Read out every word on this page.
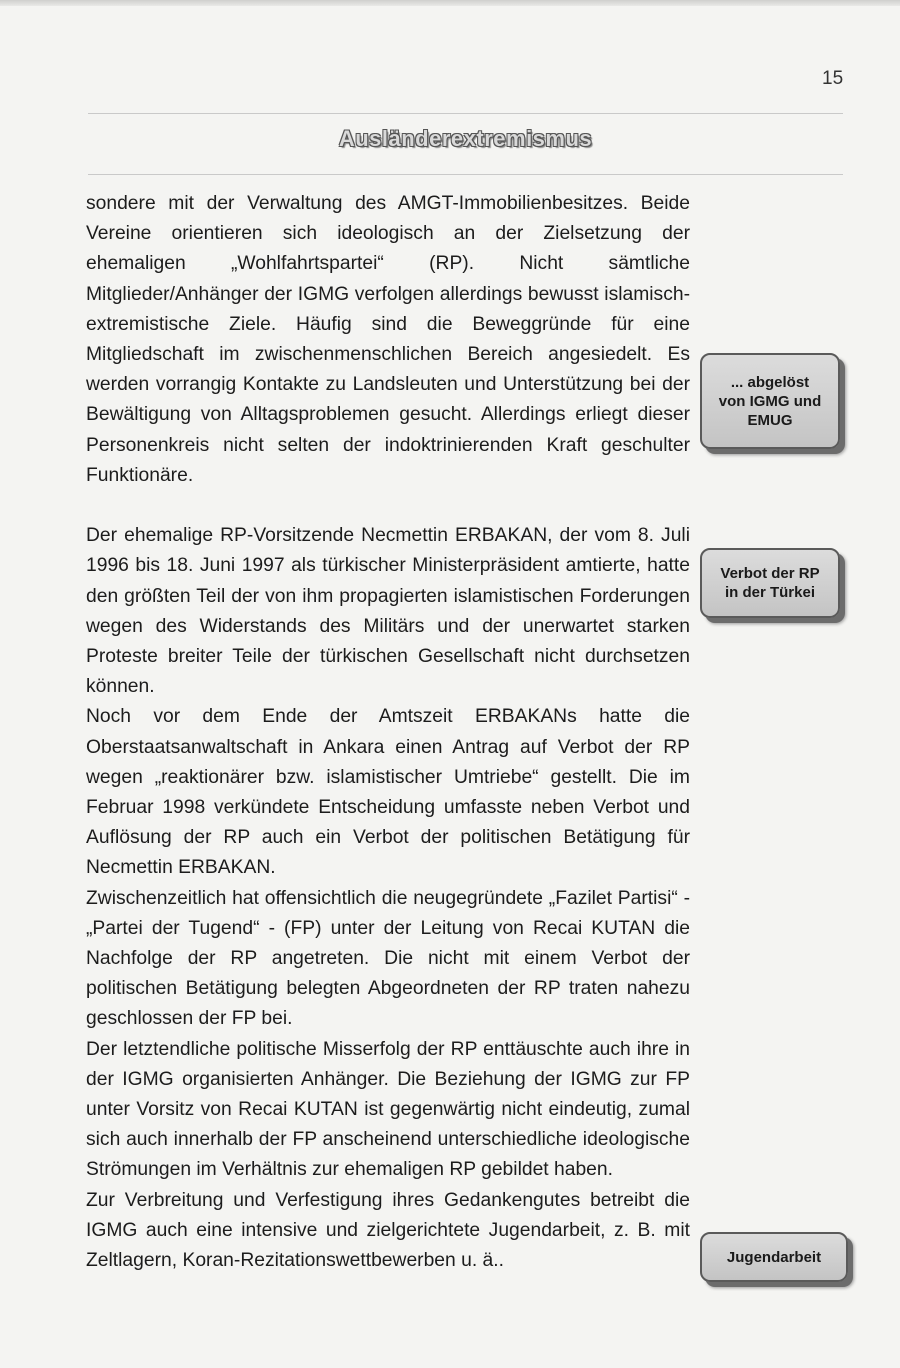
15
Ausländerextremismus

sondere mit der Verwaltung des AMGT-Immobilienbesitzes. Beide Vereine orientieren sich ideologisch an der Zielsetzung der ehemaligen „Wohlfahrtspartei“ (RP). Nicht sämtliche Mitglieder/Anhänger der IGMG verfolgen allerdings bewusst islamisch-extremistische Ziele. Häufig sind die Beweggründe für eine Mitgliedschaft im zwischenmenschlichen Bereich angesiedelt. Es werden vorrangig Kontakte zu Landsleuten und Unterstützung bei der Bewältigung von Alltagsproblemen gesucht. Allerdings erliegt dieser Personenkreis nicht selten der indoktrinierenden Kraft geschulter Funktionäre.

Der ehemalige RP-Vorsitzende Necmettin ERBAKAN, der vom 8. Juli 1996 bis 18. Juni 1997 als türkischer Ministerpräsident amtierte, hatte den größten Teil der von ihm propagierten islamistischen Forderungen wegen des Widerstands des Militärs und der unerwartet starken Proteste breiter Teile der türkischen Gesellschaft nicht durchsetzen können.

Noch vor dem Ende der Amtszeit ERBAKANs hatte die Oberstaatsanwaltschaft in Ankara einen Antrag auf Verbot der RP wegen „reaktionärer bzw. islamistischer Umtriebe“ gestellt. Die im Februar 1998 verkündete Entscheidung umfasste neben Verbot und Auflösung der RP auch ein Verbot der politischen Betätigung für Necmettin ERBAKAN.

Zwischenzeitlich hat offensichtlich die neugegründete „Fazilet Partisi“ - „Partei der Tugend“ - (FP) unter der Leitung von Recai KUTAN die Nachfolge der RP angetreten. Die nicht mit einem Verbot der politischen Betätigung belegten Abgeordneten der RP traten nahezu geschlossen der FP bei.

Der letztendliche politische Misserfolg der RP enttäuschte auch ihre in der IGMG organisierten Anhänger. Die Beziehung der IGMG zur FP unter Vorsitz von Recai KUTAN ist gegenwärtig nicht eindeutig, zumal sich auch innerhalb der FP anscheinend unterschiedliche ideologische Strömungen im Verhältnis zur ehemaligen RP gebildet haben.

Zur Verbreitung und Verfestigung ihres Gedankengutes betreibt die IGMG auch eine intensive und zielgerichtete Jugendarbeit, z. B. mit Zeltlagern, Koran-Rezitationswettbewerben u. ä..

... abgelöst
von IGMG und
EMUG
Verbot der RP
in der Türkei
Jugendarbeit
